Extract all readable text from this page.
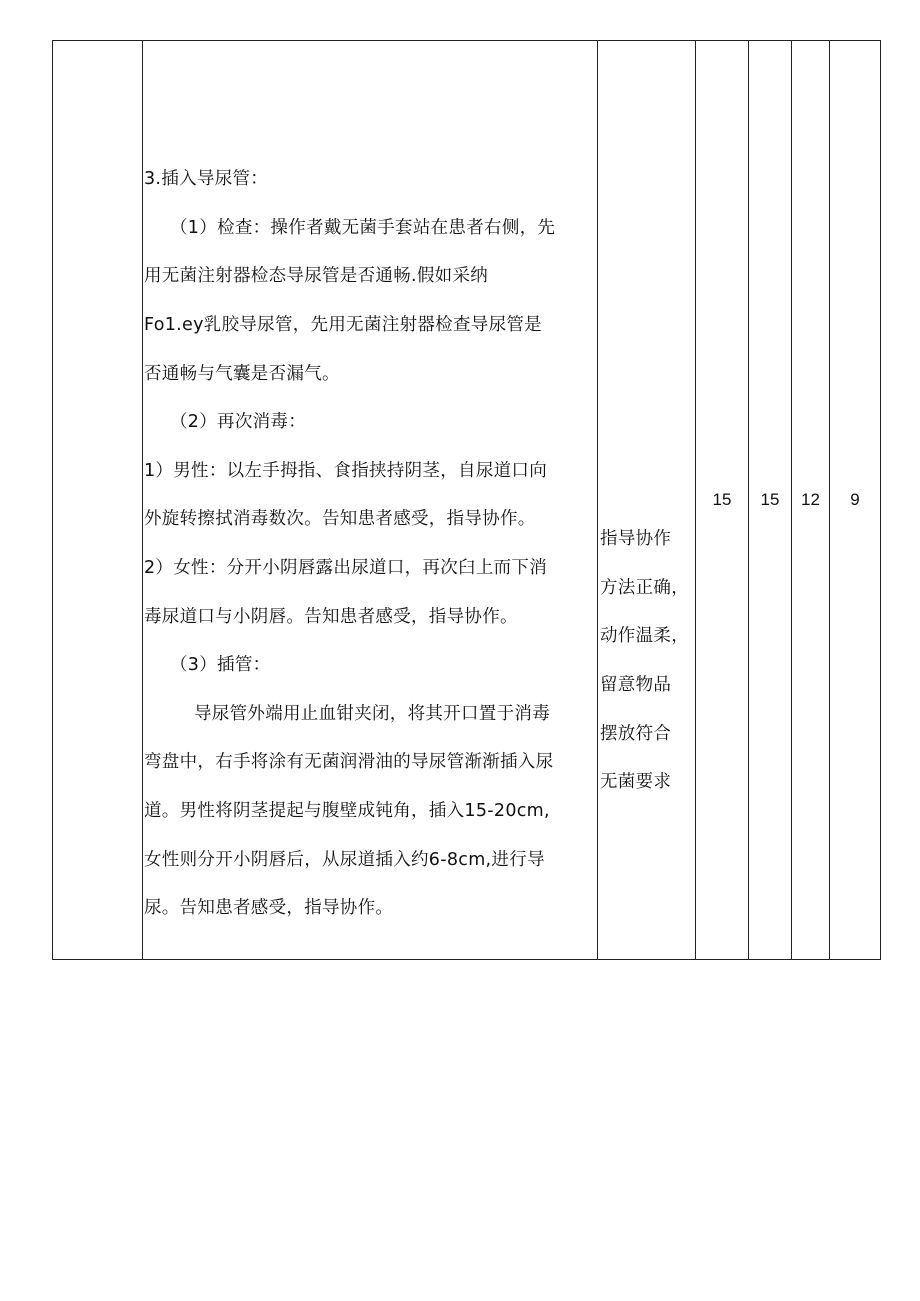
3.插入导尿管：

（1）检查：操作者戴无菌手套站在患者右侧，先

用无菌注射器检态导尿管是否通畅.假如采纳

Fo1.ey乳胶导尿管，先用无菌注射器检查导尿管是

否通畅与气囊是否漏气。

（2）再次消毒：

1）男性：以左手拇指、食指挟持阴茎，自尿道口向

外旋转擦拭消毒数次。告知患者感受，指导协作。

2）女性：分开小阴唇露出尿道口，再次臼上而下消

毒尿道口与小阴唇。告知患者感受，指导协作。

（3）插管：

导尿管外端用止血钳夹闭，将其开口置于消毒

弯盘中，右手将涂有无菌润滑油的导尿管渐渐插入尿

道。男性将阴茎提起与腹壁成钝角，插入15-20cm,

女性则分开小阴唇后，从尿道插入约6-8cm,进行导

尿。告知患者感受，指导协作。

指导协作

方法正确，

动作温柔，

留意物品

摆放符合

无菌要求

	15	15	12	9
